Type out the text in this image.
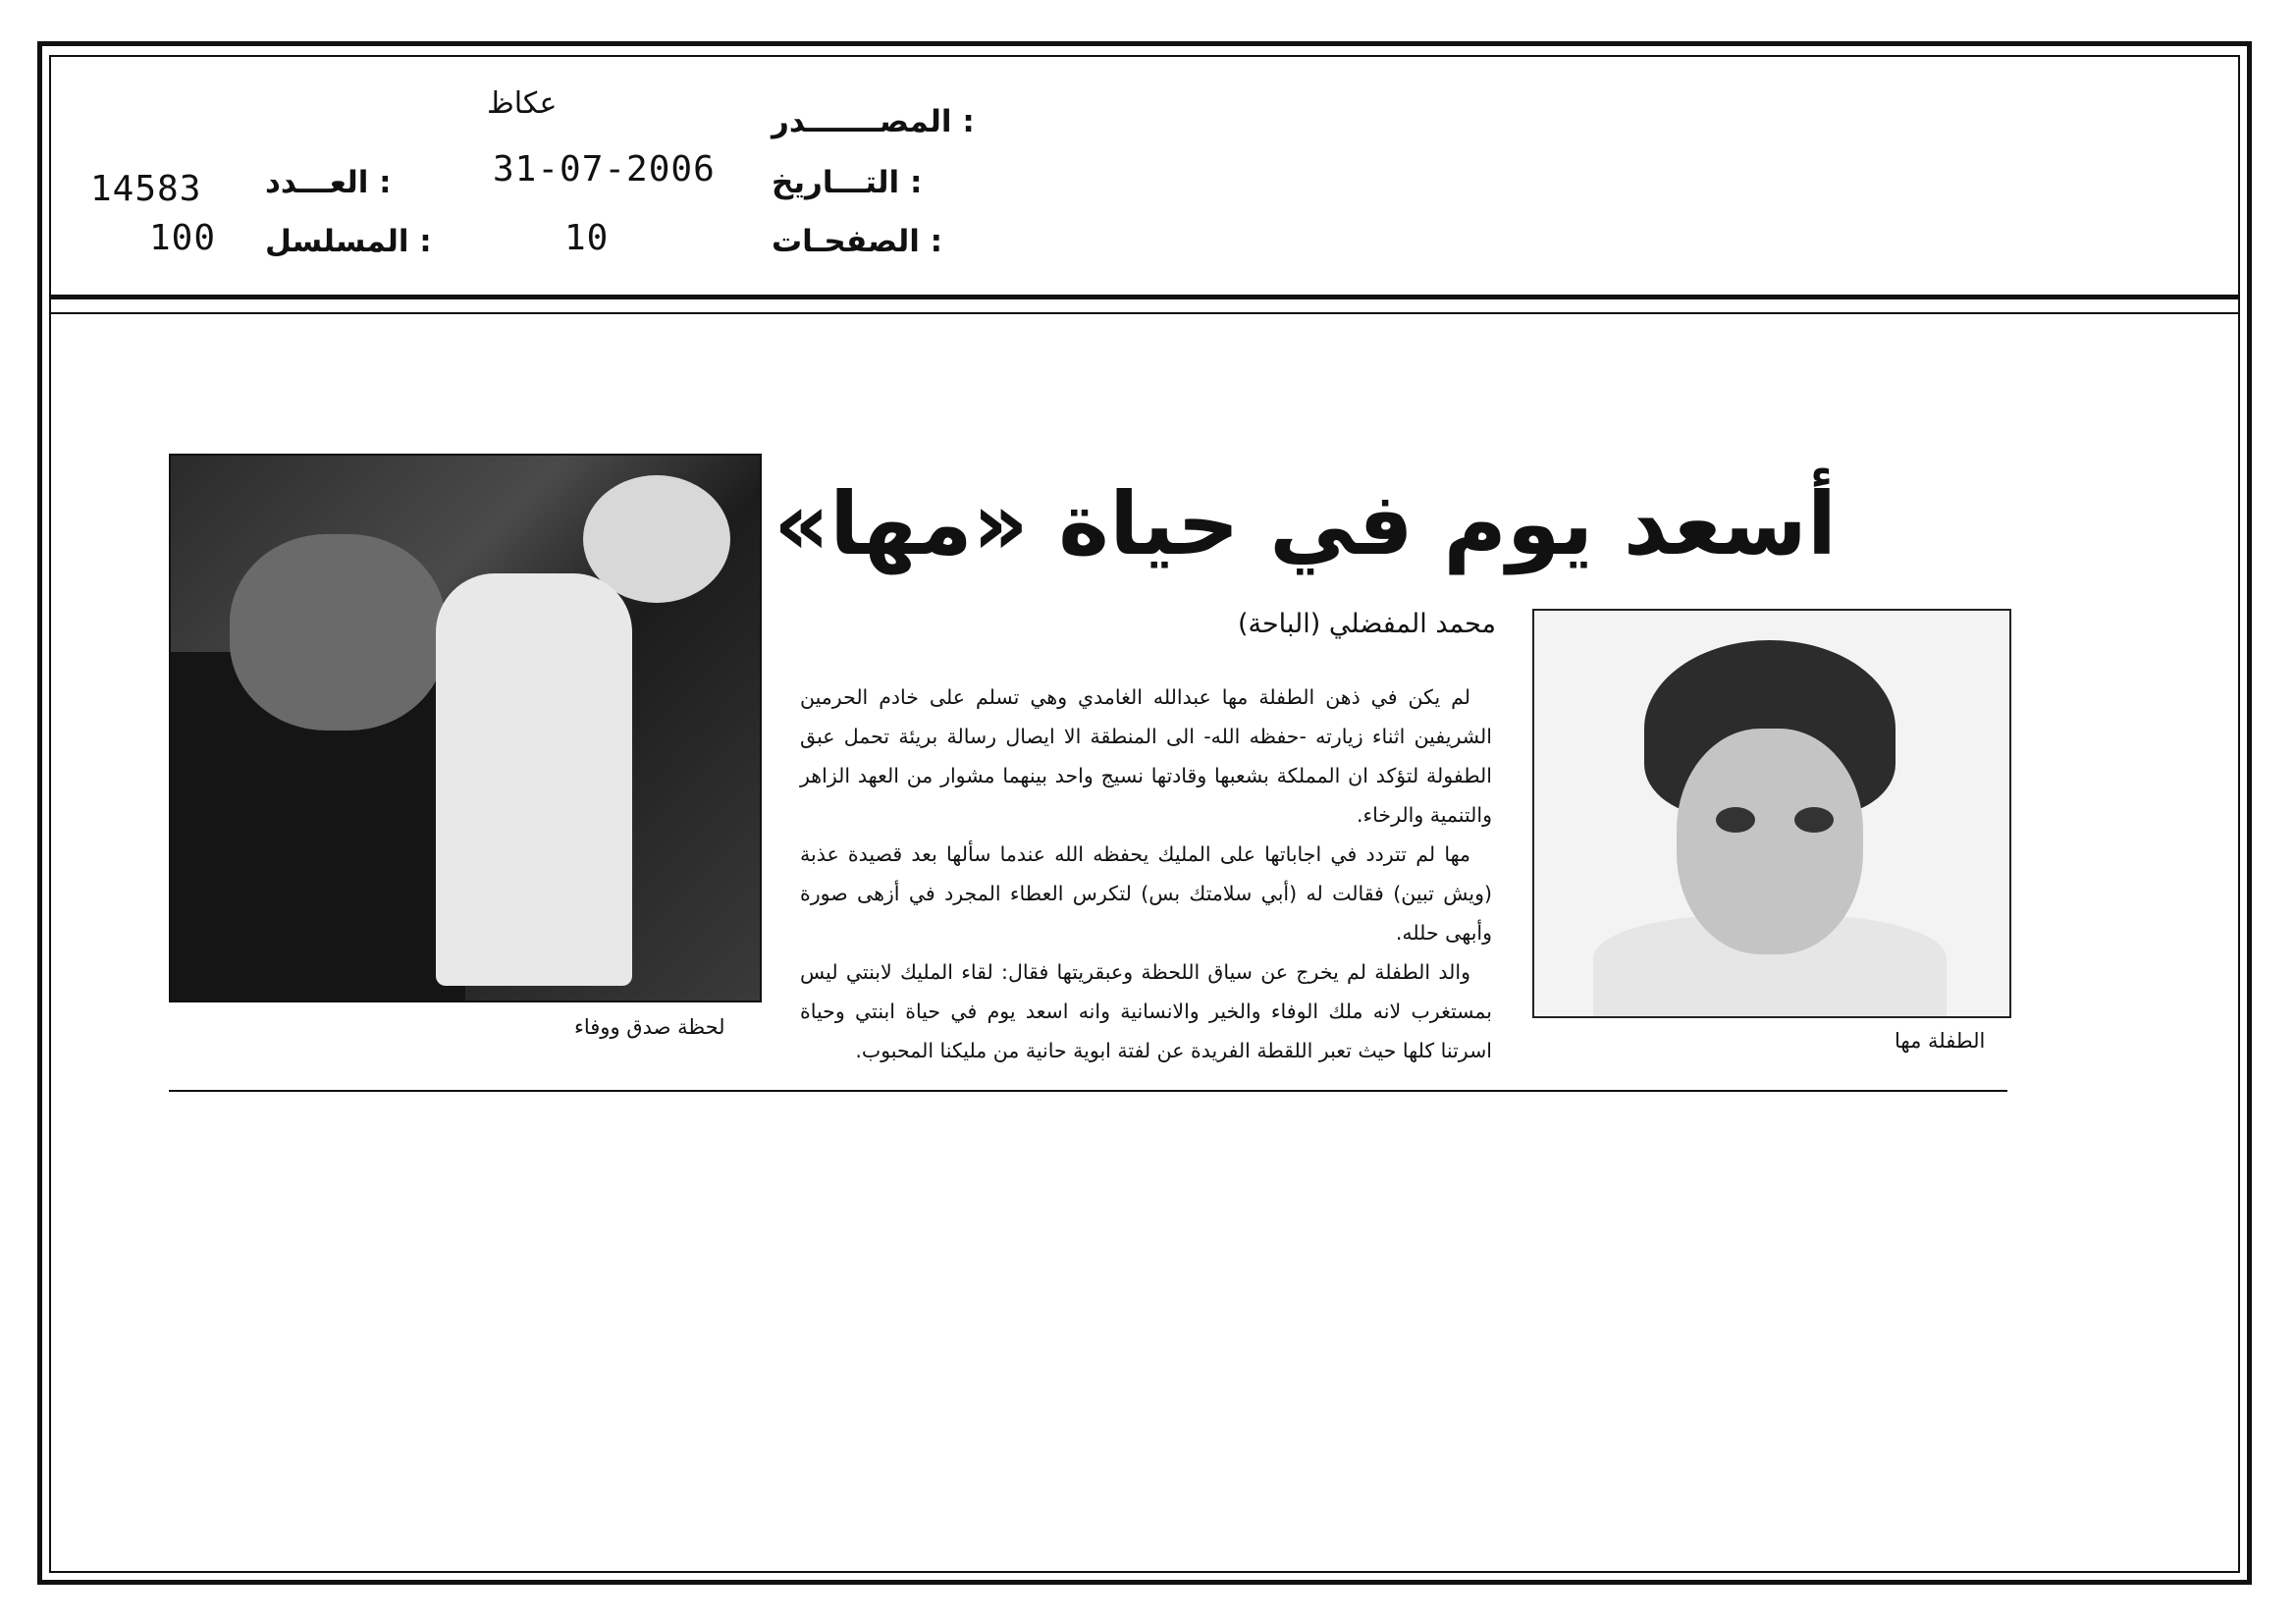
المصـــــــدر :
عكاظ
التـــاريخ :
31-07-2006
الصفحـات :
10
العـــدد :
14583
المسلسل :
100
لحظة صدق ووفاء
أسعد يوم في حياة «مها»
محمد المفضلي (الباحة)

لم يكن في ذهن الطفلة مها عبدالله الغامدي وهي تسلم على خادم الحرمين الشريفين اثناء زيارته -حفظه الله- الى المنطقة الا ايصال رسالة بريئة تحمل عبق الطفولة لتؤكد ان المملكة بشعبها وقادتها نسيج واحد بينهما مشوار من العهد الزاهر والتنمية والرخاء.

مها لم تتردد في اجاباتها على المليك يحفظه الله عندما سألها بعد قصيدة عذبة (ويش تبين) فقالت له (أبي سلامتك بس) لتكرس العطاء المجرد في أزهى صورة وأبهى حلله.

والد الطفلة لم يخرج عن سياق اللحظة وعبقريتها فقال: لقاء المليك لابنتي ليس بمستغرب لانه ملك الوفاء والخير والانسانية وانه اسعد يوم في حياة ابنتي وحياة اسرتنا كلها حيث تعبر اللقطة الفريدة عن لفتة ابوية حانية من مليكنا المحبوب.	الطفلة مها
